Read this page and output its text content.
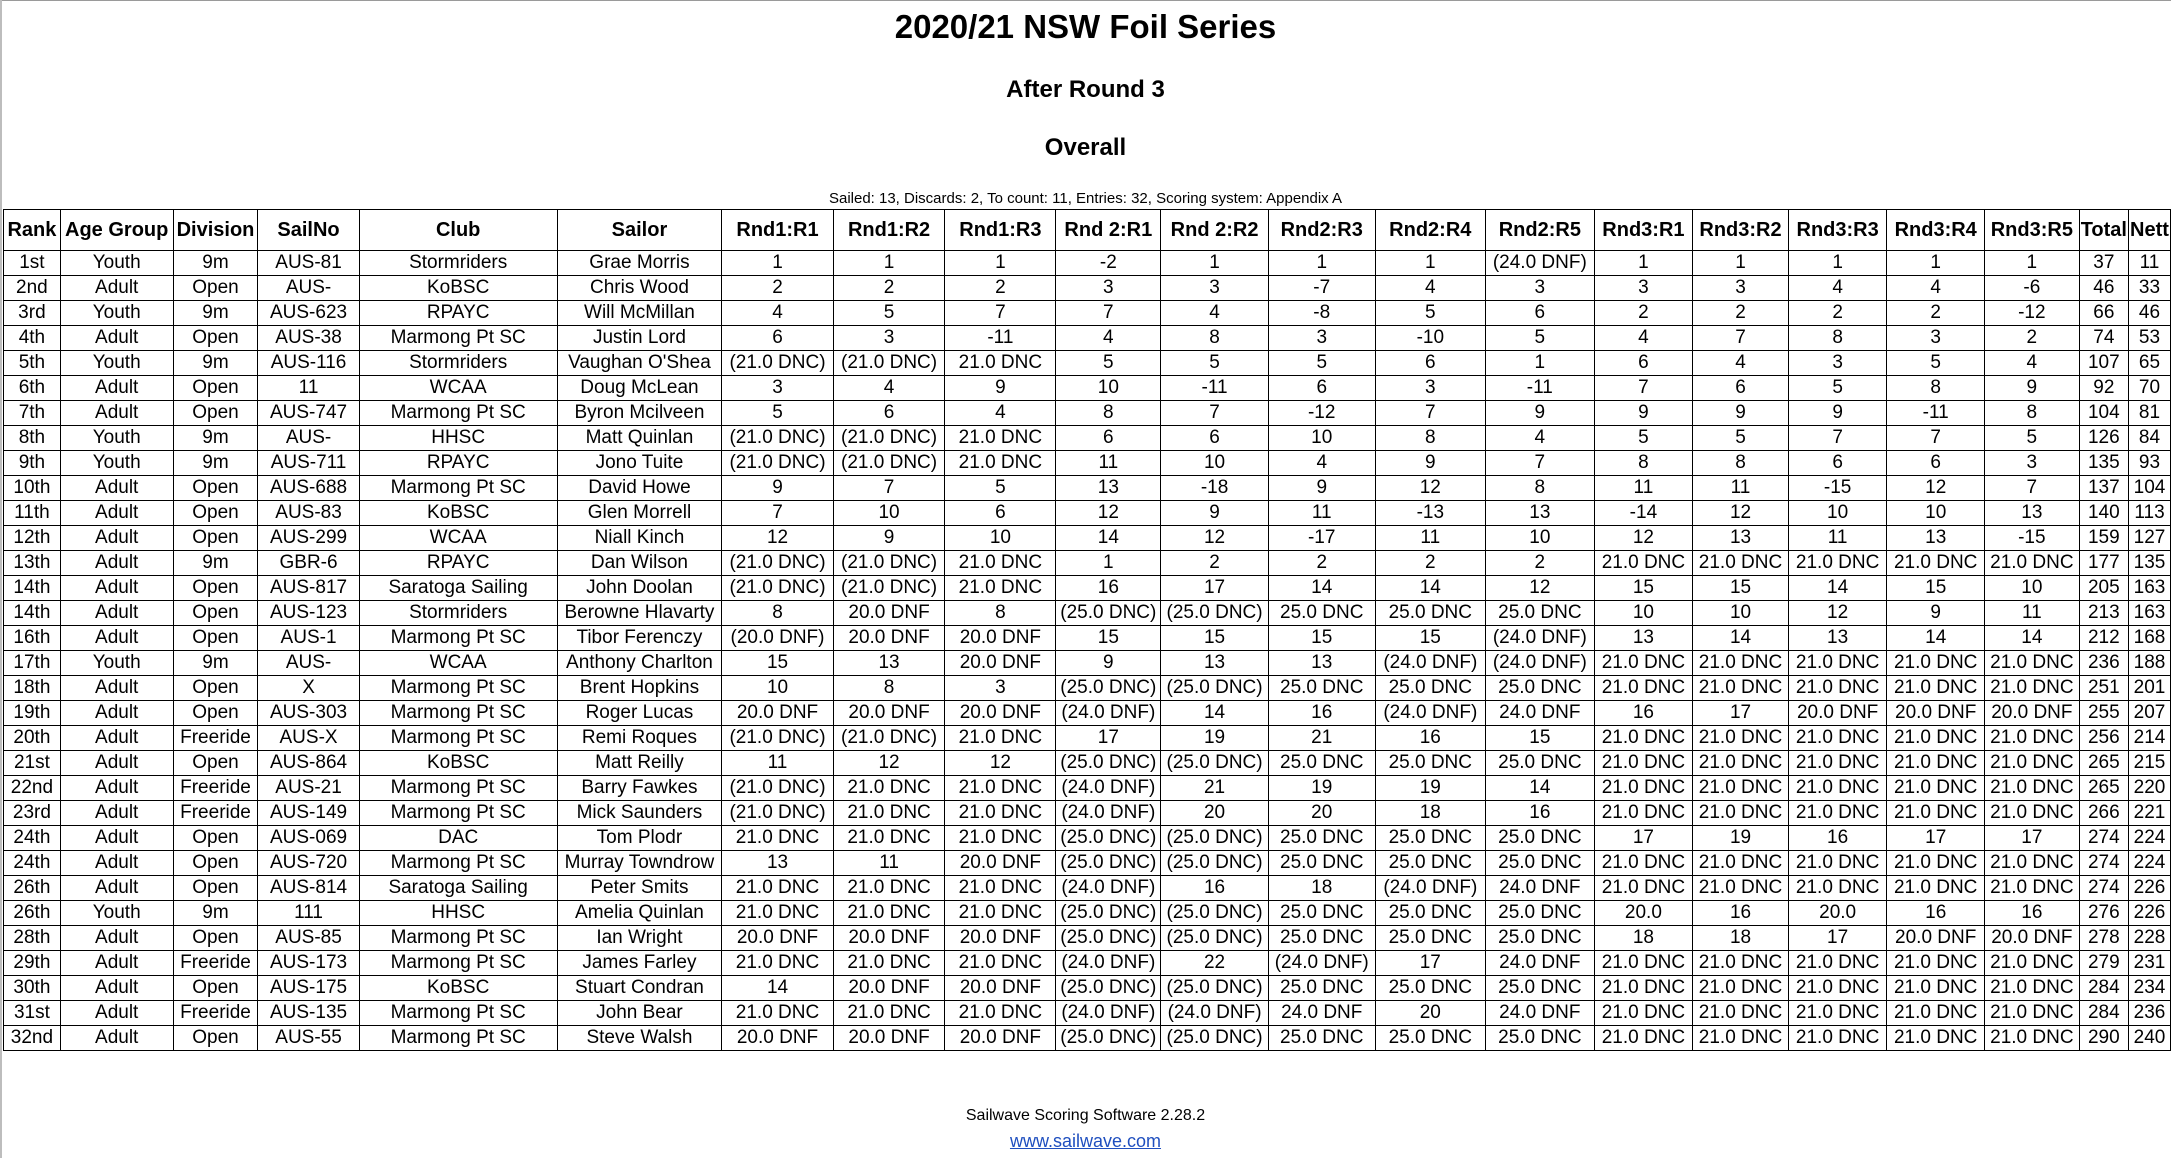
2020/21 NSW Foil Series
After Round 3
Overall
Sailed: 13, Discards: 2, To count: 11, Entries: 32, Scoring system: Appendix A
Rank	Age Group	Division	SailNo	Club	Sailor	Rnd1:R1	Rnd1:R2	Rnd1:R3	Rnd 2:R1	Rnd 2:R2	Rnd2:R3	Rnd2:R4	Rnd2:R5	Rnd3:R1	Rnd3:R2	Rnd3:R3	Rnd3:R4	Rnd3:R5	Total	Nett
1st	Youth	9m	AUS-81	Stormriders	Grae Morris	1	1	1	-2	1	1	1	(24.0 DNF)	1	1	1	1	1	37	11
2nd	Adult	Open	AUS-	KoBSC	Chris Wood	2	2	2	3	3	-7	4	3	3	3	4	4	-6	46	33
3rd	Youth	9m	AUS-623	RPAYC	Will McMillan	4	5	7	7	4	-8	5	6	2	2	2	2	-12	66	46
4th	Adult	Open	AUS-38	Marmong Pt SC	Justin Lord	6	3	-11	4	8	3	-10	5	4	7	8	3	2	74	53
5th	Youth	9m	AUS-116	Stormriders	Vaughan O'Shea	(21.0 DNC)	(21.0 DNC)	21.0 DNC	5	5	5	6	1	6	4	3	5	4	107	65
6th	Adult	Open	11	WCAA	Doug McLean	3	4	9	10	-11	6	3	-11	7	6	5	8	9	92	70
7th	Adult	Open	AUS-747	Marmong Pt SC	Byron Mcilveen	5	6	4	8	7	-12	7	9	9	9	9	-11	8	104	81
8th	Youth	9m	AUS-	HHSC	Matt Quinlan	(21.0 DNC)	(21.0 DNC)	21.0 DNC	6	6	10	8	4	5	5	7	7	5	126	84
9th	Youth	9m	AUS-711	RPAYC	Jono Tuite	(21.0 DNC)	(21.0 DNC)	21.0 DNC	11	10	4	9	7	8	8	6	6	3	135	93
10th	Adult	Open	AUS-688	Marmong Pt SC	David Howe	9	7	5	13	-18	9	12	8	11	11	-15	12	7	137	104
11th	Adult	Open	AUS-83	KoBSC	Glen Morrell	7	10	6	12	9	11	-13	13	-14	12	10	10	13	140	113
12th	Adult	Open	AUS-299	WCAA	Niall Kinch	12	9	10	14	12	-17	11	10	12	13	11	13	-15	159	127
13th	Adult	9m	GBR-6	RPAYC	Dan Wilson	(21.0 DNC)	(21.0 DNC)	21.0 DNC	1	2	2	2	2	21.0 DNC	21.0 DNC	21.0 DNC	21.0 DNC	21.0 DNC	177	135
14th	Adult	Open	AUS-817	Saratoga Sailing	John Doolan	(21.0 DNC)	(21.0 DNC)	21.0 DNC	16	17	14	14	12	15	15	14	15	10	205	163
14th	Adult	Open	AUS-123	Stormriders	Berowne Hlavarty	8	20.0 DNF	8	(25.0 DNC)	(25.0 DNC)	25.0 DNC	25.0 DNC	25.0 DNC	10	10	12	9	11	213	163
16th	Adult	Open	AUS-1	Marmong Pt SC	Tibor Ferenczy	(20.0 DNF)	20.0 DNF	20.0 DNF	15	15	15	15	(24.0 DNF)	13	14	13	14	14	212	168
17th	Youth	9m	AUS-	WCAA	Anthony Charlton	15	13	20.0 DNF	9	13	13	(24.0 DNF)	(24.0 DNF)	21.0 DNC	21.0 DNC	21.0 DNC	21.0 DNC	21.0 DNC	236	188
18th	Adult	Open	X	Marmong Pt SC	Brent Hopkins	10	8	3	(25.0 DNC)	(25.0 DNC)	25.0 DNC	25.0 DNC	25.0 DNC	21.0 DNC	21.0 DNC	21.0 DNC	21.0 DNC	21.0 DNC	251	201
19th	Adult	Open	AUS-303	Marmong Pt SC	Roger Lucas	20.0 DNF	20.0 DNF	20.0 DNF	(24.0 DNF)	14	16	(24.0 DNF)	24.0 DNF	16	17	20.0 DNF	20.0 DNF	20.0 DNF	255	207
20th	Adult	Freeride	AUS-X	Marmong Pt SC	Remi Roques	(21.0 DNC)	(21.0 DNC)	21.0 DNC	17	19	21	16	15	21.0 DNC	21.0 DNC	21.0 DNC	21.0 DNC	21.0 DNC	256	214
21st	Adult	Open	AUS-864	KoBSC	Matt Reilly	11	12	12	(25.0 DNC)	(25.0 DNC)	25.0 DNC	25.0 DNC	25.0 DNC	21.0 DNC	21.0 DNC	21.0 DNC	21.0 DNC	21.0 DNC	265	215
22nd	Adult	Freeride	AUS-21	Marmong Pt SC	Barry Fawkes	(21.0 DNC)	21.0 DNC	21.0 DNC	(24.0 DNF)	21	19	19	14	21.0 DNC	21.0 DNC	21.0 DNC	21.0 DNC	21.0 DNC	265	220
23rd	Adult	Freeride	AUS-149	Marmong Pt SC	Mick Saunders	(21.0 DNC)	21.0 DNC	21.0 DNC	(24.0 DNF)	20	20	18	16	21.0 DNC	21.0 DNC	21.0 DNC	21.0 DNC	21.0 DNC	266	221
24th	Adult	Open	AUS-069	DAC	Tom Plodr	21.0 DNC	21.0 DNC	21.0 DNC	(25.0 DNC)	(25.0 DNC)	25.0 DNC	25.0 DNC	25.0 DNC	17	19	16	17	17	274	224
24th	Adult	Open	AUS-720	Marmong Pt SC	Murray Towndrow	13	11	20.0 DNF	(25.0 DNC)	(25.0 DNC)	25.0 DNC	25.0 DNC	25.0 DNC	21.0 DNC	21.0 DNC	21.0 DNC	21.0 DNC	21.0 DNC	274	224
26th	Adult	Open	AUS-814	Saratoga Sailing	Peter Smits	21.0 DNC	21.0 DNC	21.0 DNC	(24.0 DNF)	16	18	(24.0 DNF)	24.0 DNF	21.0 DNC	21.0 DNC	21.0 DNC	21.0 DNC	21.0 DNC	274	226
26th	Youth	9m	111	HHSC	Amelia Quinlan	21.0 DNC	21.0 DNC	21.0 DNC	(25.0 DNC)	(25.0 DNC)	25.0 DNC	25.0 DNC	25.0 DNC	20.0	16	20.0	16	16	276	226
28th	Adult	Open	AUS-85	Marmong Pt SC	Ian Wright	20.0 DNF	20.0 DNF	20.0 DNF	(25.0 DNC)	(25.0 DNC)	25.0 DNC	25.0 DNC	25.0 DNC	18	18	17	20.0 DNF	20.0 DNF	278	228
29th	Adult	Freeride	AUS-173	Marmong Pt SC	James Farley	21.0 DNC	21.0 DNC	21.0 DNC	(24.0 DNF)	22	(24.0 DNF)	17	24.0 DNF	21.0 DNC	21.0 DNC	21.0 DNC	21.0 DNC	21.0 DNC	279	231
30th	Adult	Open	AUS-175	KoBSC	Stuart Condran	14	20.0 DNF	20.0 DNF	(25.0 DNC)	(25.0 DNC)	25.0 DNC	25.0 DNC	25.0 DNC	21.0 DNC	21.0 DNC	21.0 DNC	21.0 DNC	21.0 DNC	284	234
31st	Adult	Freeride	AUS-135	Marmong Pt SC	John Bear	21.0 DNC	21.0 DNC	21.0 DNC	(24.0 DNF)	(24.0 DNF)	24.0 DNF	20	24.0 DNF	21.0 DNC	21.0 DNC	21.0 DNC	21.0 DNC	21.0 DNC	284	236
32nd	Adult	Open	AUS-55	Marmong Pt SC	Steve Walsh	20.0 DNF	20.0 DNF	20.0 DNF	(25.0 DNC)	(25.0 DNC)	25.0 DNC	25.0 DNC	25.0 DNC	21.0 DNC	21.0 DNC	21.0 DNC	21.0 DNC	21.0 DNC	290	240
Sailwave Scoring Software 2.28.2
www.sailwave.com
